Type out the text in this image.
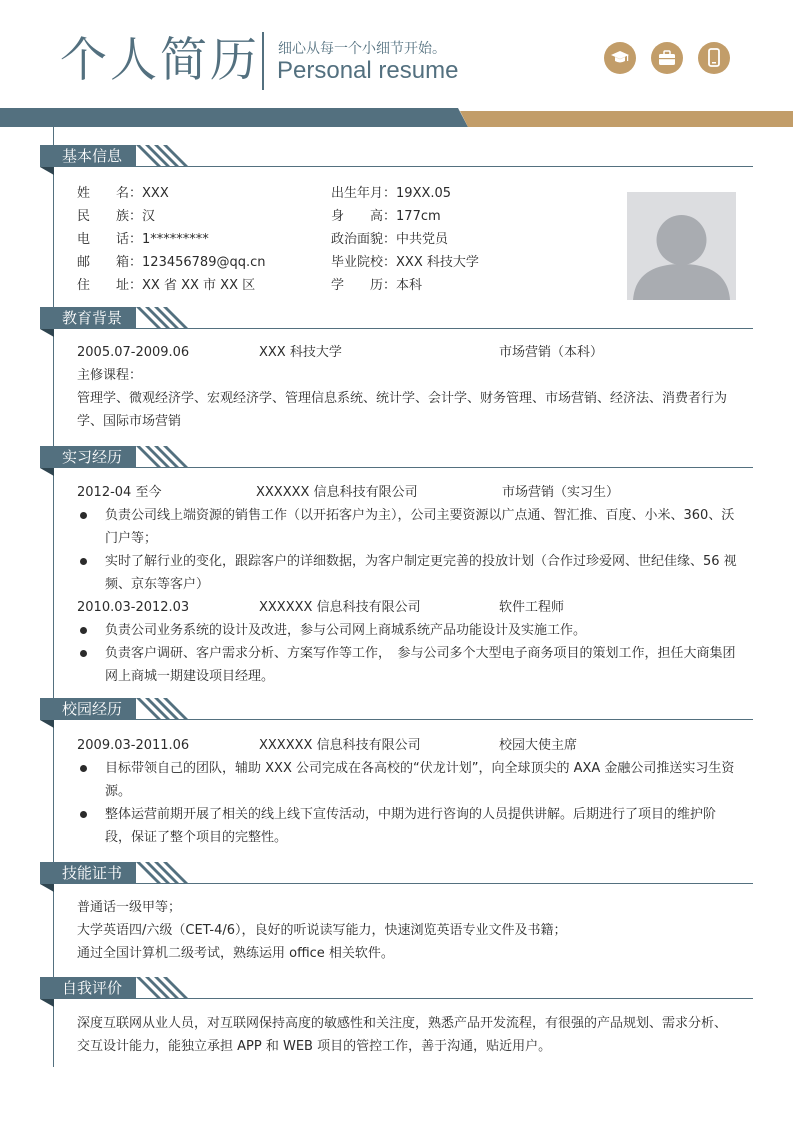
个人简历 细心从每一个小细节开始。
Personal resume
基本信息
姓　　名：XXX
民　　族：汉
电　　话：1*********
邮　　箱：123456789@qq.cn
住　　址：XX 省 XX 市 XX 区
出生年月：19XX.05
身　　高：177cm
政治面貌：中共党员
毕业院校：XXX 科技大学
学　　历：本科
教育背景
2005.07-2009.06	XXX 科技大学	市场营销（本科）
主修课程：
管理学、微观经济学、宏观经济学、管理信息系统、统计学、会计学、财务管理、市场营销、经济法、消费者行为学、国际市场营销
实习经历
2012-04 至今	XXXXXX 信息科技有限公司	市场营销（实习生）
负责公司线上端资源的销售工作（以开拓客户为主），公司主要资源以广点通、智汇推、百度、小米、360、沃门户等；
实时了解行业的变化，跟踪客户的详细数据，为客户制定更完善的投放计划（合作过珍爱网、世纪佳缘、56 视频、京东等客户）
2010.03-2012.03	XXXXXX 信息科技有限公司	软件工程师
负责公司业务系统的设计及改进，参与公司网上商城系统产品功能设计及实施工作。
负责客户调研、客户需求分析、方案写作等工作，　参与公司多个大型电子商务项目的策划工作，担任大商集团网上商城一期建设项目经理。
校园经历
2009.03-2011.06	XXXXXX 信息科技有限公司	校园大使主席
目标带领自己的团队，辅助 XXX 公司完成在各高校的“伏龙计划”，向全球顶尖的 AXA 金融公司推送实习生资源。
整体运营前期开展了相关的线上线下宣传活动，中期为进行咨询的人员提供讲解。后期进行了项目的维护阶段，保证了整个项目的完整性。
技能证书
普通话一级甲等；
大学英语四/六级（CET-4/6），良好的听说读写能力，快速浏览英语专业文件及书籍；
通过全国计算机二级考试，熟练运用 office 相关软件。
自我评价
深度互联网从业人员，对互联网保持高度的敏感性和关注度，熟悉产品开发流程，有很强的产品规划、需求分析、交互设计能力，能独立承担 APP 和 WEB 项目的管控工作，善于沟通，贴近用户。
